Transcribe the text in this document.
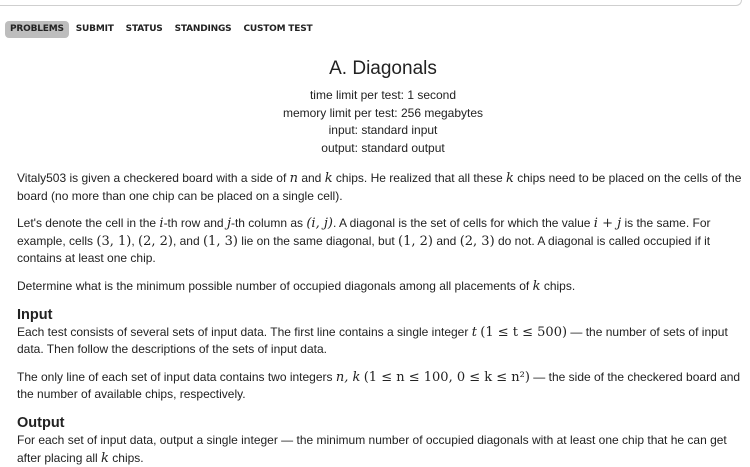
PROBLEMS	SUBMIT	STATUS	STANDINGS	CUSTOM TEST
A. Diagonals
time limit per test: 1 second
memory limit per test: 256 megabytes
input: standard input
output: standard output

Vitaly503 is given a checkered board with a side of n and k chips. He realized that all these k chips need to be placed on the cells of the board (no more than one chip can be placed on a single cell).

Let's denote the cell in the i-th row and j-th column as (i, j). A diagonal is the set of cells for which the value i + j is the same. For example, cells (3, 1), (2, 2), and (1, 3) lie on the same diagonal, but (1, 2) and (2, 3) do not. A diagonal is called occupied if it contains at least one chip.

Determine what is the minimum possible number of occupied diagonals among all placements of k chips.

Input

Each test consists of several sets of input data. The first line contains a single integer t (1 ≤ t ≤ 500) — the number of sets of input data. Then follow the descriptions of the sets of input data.

The only line of each set of input data contains two integers n, k (1 ≤ n ≤ 100, 0 ≤ k ≤ n²) — the side of the checkered board and the number of available chips, respectively.

Output

For each set of input data, output a single integer — the minimum number of occupied diagonals with at least one chip that he can get after placing all k chips.
